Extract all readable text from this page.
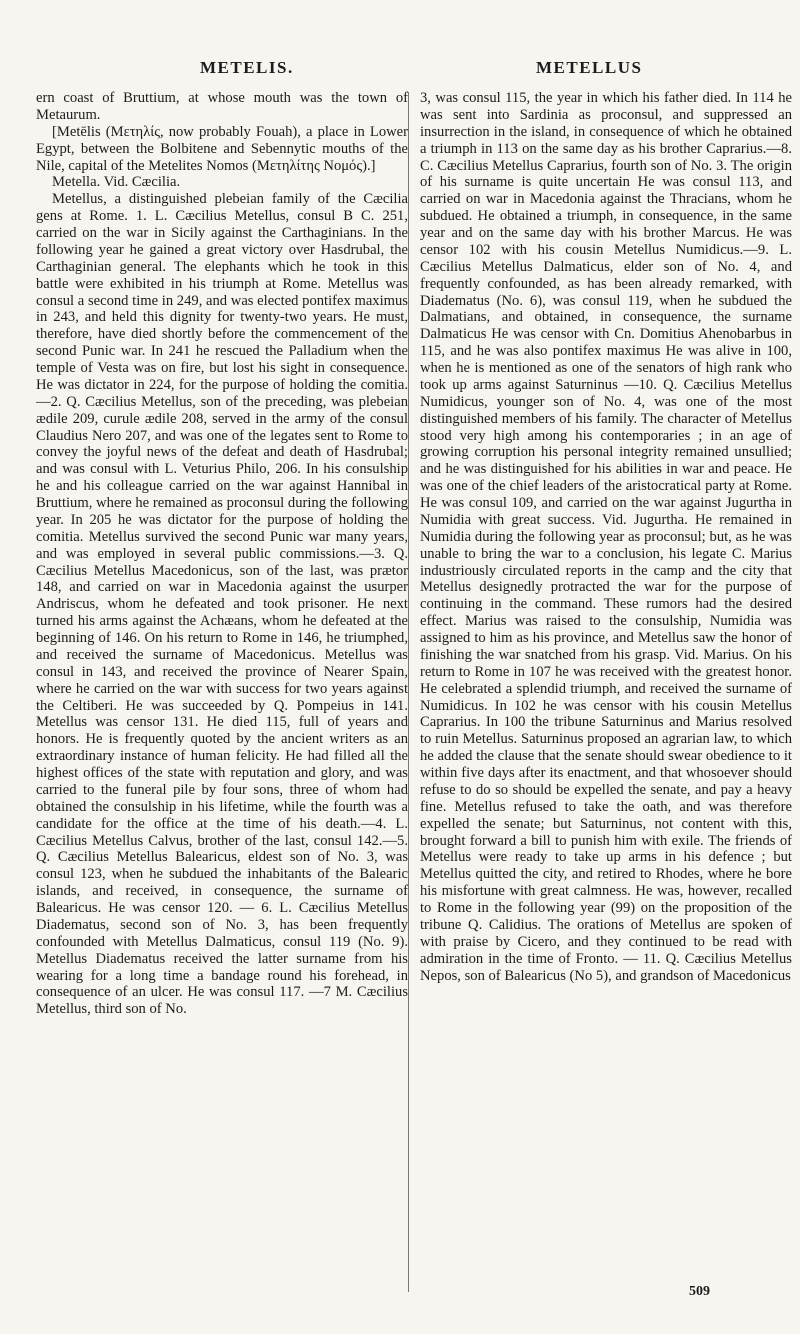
METELIS.	METELLUS

ern coast of Bruttium, at whose mouth was the town of Metaurum.

[Metēlis (Μετηλίς, now probably Fouah), a place in Lower Egypt, between the Bolbitene and Sebennytic mouths of the Nile, capital of the Metelites Nomos (Μετηλίτης Νομός).]

Metella. Vid. Cæcilia.

Metellus, a distinguished plebeian family of the Cæcilia gens at Rome. 1. L. Cæcilius Metellus, consul B C. 251, carried on the war in Sicily against the Carthaginians. In the following year he gained a great victory over Hasdrubal, the Carthaginian general. The elephants which he took in this battle were exhibited in his triumph at Rome. Metellus was consul a second time in 249, and was elected pontifex maximus in 243, and held this dignity for twenty-two years. He must, therefore, have died shortly before the commencement of the second Punic war. In 241 he rescued the Palladium when the temple of Vesta was on fire, but lost his sight in consequence. He was dictator in 224, for the purpose of holding the comitia.—2. Q. Cæcilius Metellus, son of the preceding, was plebeian ædile 209, curule ædile 208, served in the army of the consul Claudius Nero 207, and was one of the legates sent to Rome to convey the joyful news of the defeat and death of Hasdrubal; and was consul with L. Veturius Philo, 206. In his consulship he and his colleague carried on the war against Hannibal in Bruttium, where he remained as proconsul during the following year. In 205 he was dictator for the purpose of holding the comitia. Metellus survived the second Punic war many years, and was employed in several public commissions.—3. Q. Cæcilius Metellus Macedonicus, son of the last, was prætor 148, and carried on war in Macedonia against the usurper Andriscus, whom he defeated and took prisoner. He next turned his arms against the Achæans, whom he defeated at the beginning of 146. On his return to Rome in 146, he triumphed, and received the surname of Macedonicus. Metellus was consul in 143, and received the province of Nearer Spain, where he carried on the war with success for two years against the Celtiberi. He was succeeded by Q. Pompeius in 141. Metellus was censor 131. He died 115, full of years and honors. He is frequently quoted by the ancient writers as an extraordinary instance of human felicity. He had filled all the highest offices of the state with reputation and glory, and was carried to the funeral pile by four sons, three of whom had obtained the consulship in his lifetime, while the fourth was a candidate for the office at the time of his death.—4. L. Cæcilius Metellus Calvus, brother of the last, consul 142.—5. Q. Cæcilius Metellus Balearicus, eldest son of No. 3, was consul 123, when he subdued the inhabitants of the Balearic islands, and received, in consequence, the surname of Balearicus. He was censor 120. — 6. L. Cæcilius Metellus Diadematus, second son of No. 3, has been frequently confounded with Metellus Dalmaticus, consul 119 (No. 9). Metellus Diadematus received the latter surname from his wearing for a long time a bandage round his forehead, in consequence of an ulcer. He was consul 117. —7 M. Cæcilius Metellus, third son of No.

3, was consul 115, the year in which his father died. In 114 he was sent into Sardinia as proconsul, and suppressed an insurrection in the island, in consequence of which he obtained a triumph in 113 on the same day as his brother Caprarius.—8. C. Cæcilius Metellus Caprarius, fourth son of No. 3. The origin of his surname is quite uncertain He was consul 113, and carried on war in Macedonia against the Thracians, whom he subdued. He obtained a triumph, in consequence, in the same year and on the same day with his brother Marcus. He was censor 102 with his cousin Metellus Numidicus.—9. L. Cæcilius Metellus Dalmaticus, elder son of No. 4, and frequently confounded, as has been already remarked, with Diadematus (No. 6), was consul 119, when he subdued the Dalmatians, and obtained, in consequence, the surname Dalmaticus He was censor with Cn. Domitius Ahenobarbus in 115, and he was also pontifex maximus He was alive in 100, when he is mentioned as one of the senators of high rank who took up arms against Saturninus —10. Q. Cæcilius Metellus Numidicus, younger son of No. 4, was one of the most distinguished members of his family. The character of Metellus stood very high among his contemporaries ; in an age of growing corruption his personal integrity remained unsullied; and he was distinguished for his abilities in war and peace. He was one of the chief leaders of the aristocratical party at Rome. He was consul 109, and carried on the war against Jugurtha in Numidia with great success. Vid. Jugurtha. He remained in Numidia during the following year as proconsul; but, as he was unable to bring the war to a conclusion, his legate C. Marius industriously circulated reports in the camp and the city that Metellus designedly protracted the war for the purpose of continuing in the command. These rumors had the desired effect. Marius was raised to the consulship, Numidia was assigned to him as his province, and Metellus saw the honor of finishing the war snatched from his grasp. Vid. Marius. On his return to Rome in 107 he was received with the greatest honor. He celebrated a splendid triumph, and received the surname of Numidicus. In 102 he was censor with his cousin Metellus Caprarius. In 100 the tribune Saturninus and Marius resolved to ruin Metellus. Saturninus proposed an agrarian law, to which he added the clause that the senate should swear obedience to it within five days after its enactment, and that whosoever should refuse to do so should be expelled the senate, and pay a heavy fine. Metellus refused to take the oath, and was therefore expelled the senate; but Saturninus, not content with this, brought forward a bill to punish him with exile. The friends of Metellus were ready to take up arms in his defence ; but Metellus quitted the city, and retired to Rhodes, where he bore his misfortune with great calmness. He was, however, recalled to Rome in the following year (99) on the proposition of the tribune Q. Calidius. The orations of Metellus are spoken of with praise by Cicero, and they continued to be read with admiration in the time of Fronto. — 11. Q. Cæcilius Metellus Nepos, son of Balearicus (No 5), and grandson of Macedonicus

509
